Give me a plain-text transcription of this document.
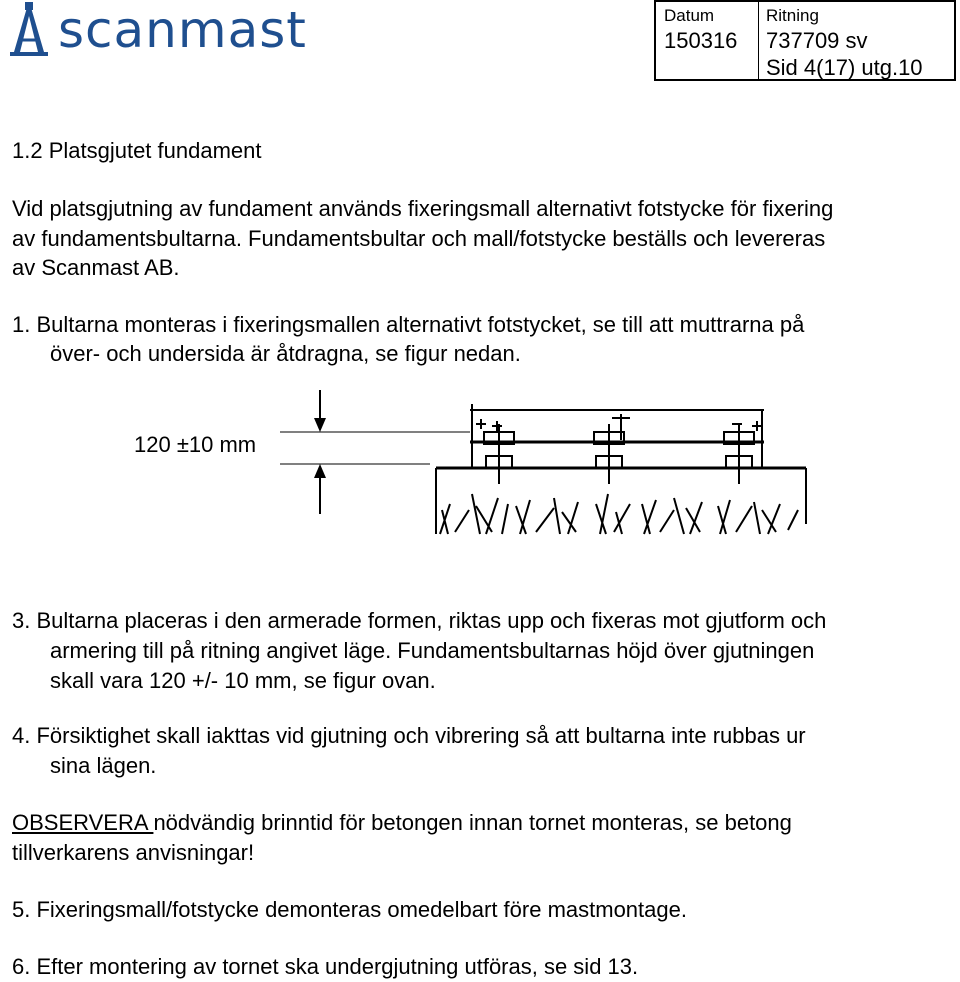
scanmast	Datum
150316
Ritning
737709 sv
Sid 4(17) utg.10
1.2 Platsgjutet fundament
Vid platsgjutning av fundament används fixeringsmall alternativt fotstycke för fixering
av fundamentsbultarna. Fundamentsbultar och mall/fotstycke beställs och levereras
av Scanmast AB.
1. Bultarna monteras i fixeringsmallen alternativt fotstycket, se till att muttrarna på
över- och undersida är åtdragna, se figur nedan.
120 ±10 mm
3. Bultarna placeras i den armerade formen, riktas upp och fixeras mot gjutform och
armering till på ritning angivet läge. Fundamentsbultarnas höjd över gjutningen
skall vara 120 +/- 10 mm, se figur ovan.
4. Försiktighet skall iakttas vid gjutning och vibrering så att bultarna inte rubbas ur
sina lägen.
OBSERVERA nödvändig brinntid för betongen innan tornet monteras, se betong
tillverkarens anvisningar!
5. Fixeringsmall/fotstycke demonteras omedelbart före mastmontage.
6. Efter montering av tornet ska undergjutning utföras, se sid 13.
